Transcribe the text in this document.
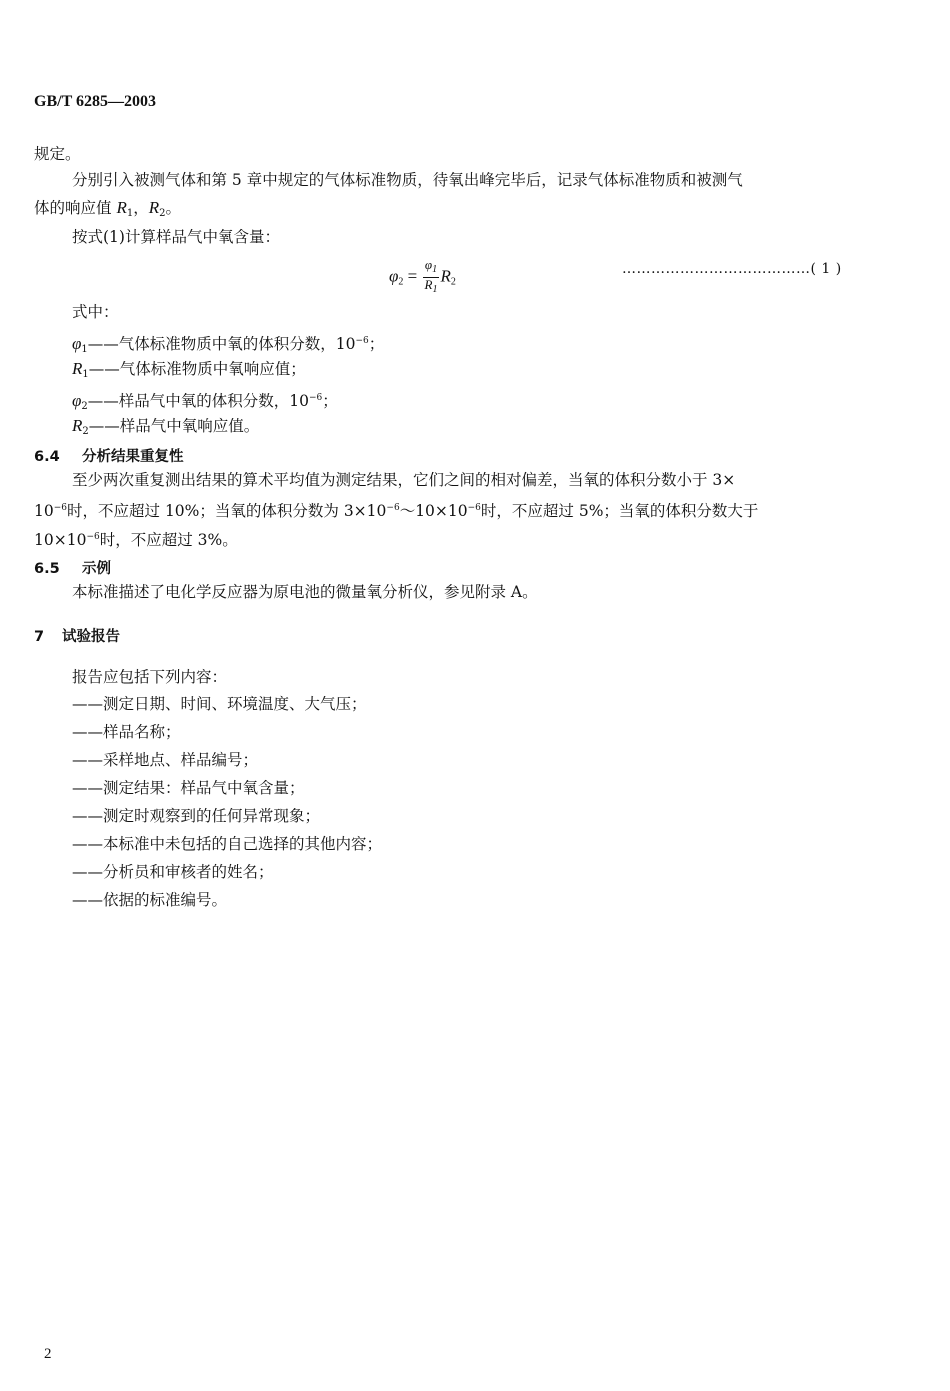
GB/T 6285—2003
规定。
分别引入被测气体和第 5 章中规定的气体标准物质，待氧出峰完毕后，记录气体标准物质和被测气
体的响应值 $R_1$，$R_2$。
按式(1)计算样品气中氧含量：
$\varphi_2 = \frac{\varphi_1}{R_1} R_2$
…………………………………( 1 )
式中：
$\varphi_1——$气体标准物质中氧的体积分数，$10^{-6}$；
$R_1——$气体标准物质中氧响应值；
$\varphi_2——$样品气中氧的体积分数，$10^{-6}$；
$R_2——$样品气中氧响应值。
6.4 分析结果重复性
至少两次重复测出结果的算术平均值为测定结果，它们之间的相对偏差，当氧的体积分数小于 3×
$10^{-6}$时，不应超过 10%；当氧的体积分数为 $3\times 10^{-6}\sim 10\times 10^{-6}$时，不应超过 5%；当氧的体积分数大于
$10\times 10^{-6}$时，不应超过 3%。
6.5 示例
本标准描述了电化学反应器为原电池的微量氧分析仪，参见附录 A。
7 试验报告
报告应包括下列内容：
——测定日期、时间、环境温度、大气压；
——样品名称；
——采样地点、样品编号；
——测定结果：样品气中氧含量；
——测定时观察到的任何异常现象；
——本标准中未包括的自己选择的其他内容；
——分析员和审核者的姓名；
——依据的标准编号。
2
